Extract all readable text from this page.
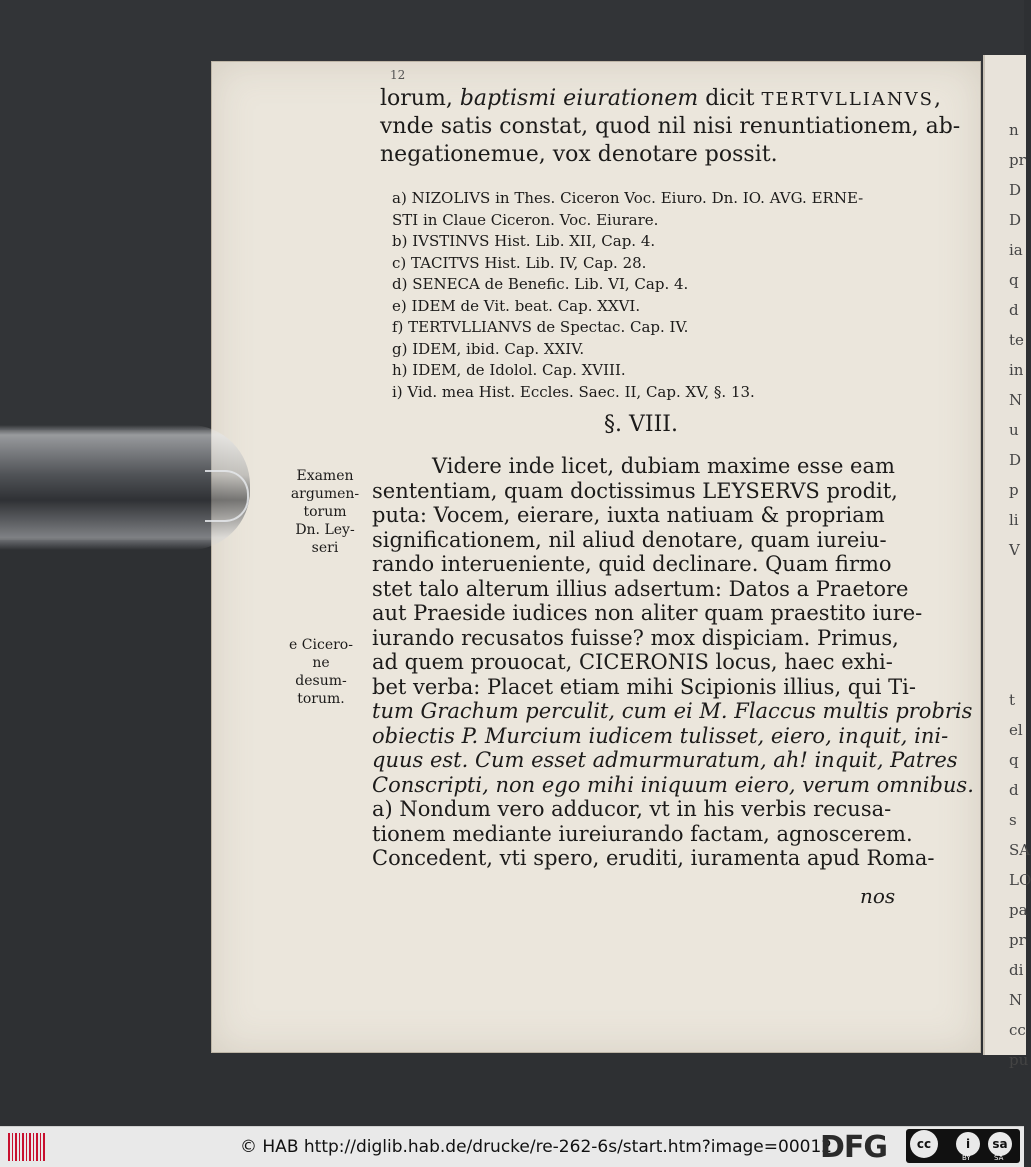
n
pr
D
D
ia
q
d
te
in
N
u
D
p
li
V

t
el
q
d
s
SA
LO
pa
pr
di
N
cc
pu
12
lorum, baptismi eiurationem dicit TERTVLLIANVS,
vnde satis constat, quod nil nisi renuntiationem, ab-
negationemue, vox denotare possit.
a) NIZOLIVS in Thes. Ciceron Voc. Eiuro. Dn. IO. AVG. ERNE-
STI in Claue Ciceron. Voc. Eiurare.
b) IVSTINVS Hist. Lib. XII, Cap. 4.
c) TACITVS Hist. Lib. IV, Cap. 28.
d) SENECA de Benefic. Lib. VI, Cap. 4.
e) IDEM de Vit. beat. Cap. XXVI.
f) TERTVLLIANVS de Spectac. Cap. IV.
g) IDEM, ibid. Cap. XXIV.
h) IDEM, de Idolol. Cap. XVIII.
i) Vid. mea Hist. Eccles. Saec. II, Cap. XV, §. 13.
§. VIII.
Videre inde licet, dubiam maxime esse eam
sententiam, quam doctissimus LEYSERVS prodit,
puta: Vocem, eierare, iuxta natiuam & propriam
significationem, nil aliud denotare, quam iureiu-
rando interueniente, quid declinare. Quam firmo
stet talo alterum illius adsertum: Datos a Praetore
aut Praeside iudices non aliter quam praestito iure-
iurando recusatos fuisse? mox dispiciam. Primus,
ad quem prouocat, CICERONIS locus, haec exhi-
bet verba: Placet etiam mihi Scipionis illius, qui Ti-
tum Grachum perculit, cum ei M. Flaccus multis probris
obiectis P. Murcium iudicem tulisset, eiero, inquit, ini-
quus est. Cum esset admurmuratum, ah! inquit, Patres
Conscripti, non ego mihi iniquum eiero, verum omnibus.
a) Nondum vero adducor, vt in his verbis recusa-
tionem mediante iureiurando factam, agnoscerem.
Concedent, vti spero, eruditi, iuramenta apud Roma-
Examen
argumen-
torum
Dn. Ley-
seri
e Cicero-
ne desum-
torum.
nos
© HAB http://diglib.hab.de/drucke/re-262-6s/start.htm?image=00012
DFG	cc	i	sa
BY	SA
